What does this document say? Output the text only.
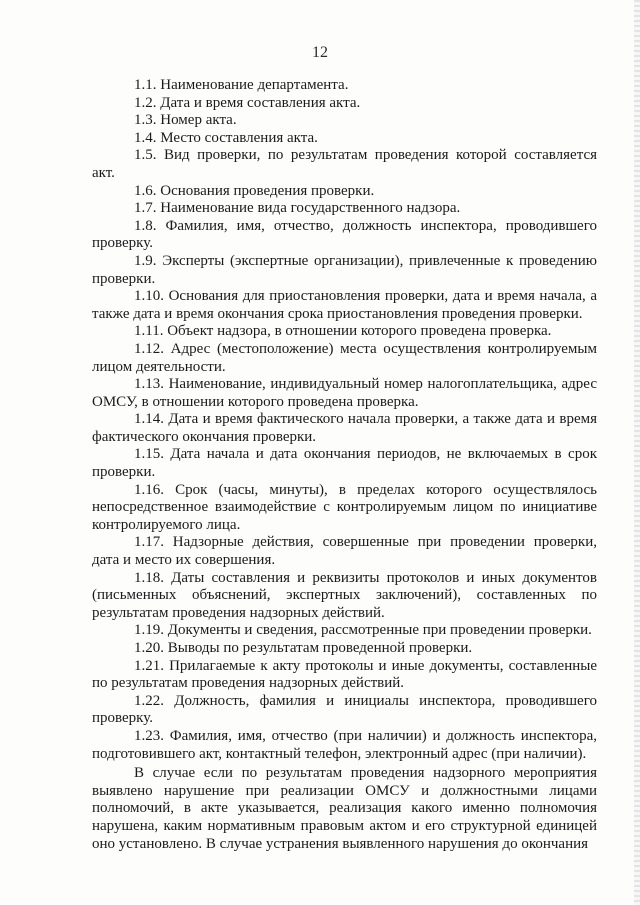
12

1.1. Наименование департамента.

1.2. Дата и время составления акта.

1.3. Номер акта.

1.4. Место составления акта.

1.5. Вид проверки, по результатам проведения которой составляется акт.

1.6. Основания проведения проверки.

1.7. Наименование вида государственного надзора.

1.8. Фамилия, имя, отчество, должность инспектора, проводившего проверку.

1.9. Эксперты (экспертные организации), привлеченные к проведению проверки.

1.10. Основания для приостановления проверки, дата и время начала, а также дата и время окончания срока приостановления проведения проверки.

1.11. Объект надзора, в отношении которого проведена проверка.

1.12. Адрес (местоположение) места осуществления контролируемым лицом деятельности.

1.13. Наименование, индивидуальный номер налогоплательщика, адрес ОМСУ, в отношении которого проведена проверка.

1.14. Дата и время фактического начала проверки, а также дата и время фактического окончания проверки.

1.15. Дата начала и дата окончания периодов, не включаемых в срок проверки.

1.16. Срок (часы, минуты), в пределах которого осуществлялось непосредственное взаимодействие с контролируемым лицом по инициативе контролируемого лица.

1.17. Надзорные действия, совершенные при проведении проверки, дата и место их совершения.

1.18. Даты составления и реквизиты протоколов и иных документов (письменных объяснений, экспертных заключений), составленных по результатам проведения надзорных действий.

1.19. Документы и сведения, рассмотренные при проведении проверки.

1.20. Выводы по результатам проведенной проверки.

1.21. Прилагаемые к акту протоколы и иные документы, составленные по результатам проведения надзорных действий.

1.22. Должность, фамилия и инициалы инспектора, проводившего проверку.

1.23. Фамилия, имя, отчество (при наличии) и должность инспектора, подготовившего акт, контактный телефон, электронный адрес (при наличии).

В случае если по результатам проведения надзорного мероприятия выявлено нарушение при реализации ОМСУ и должностными лицами полномочий, в акте указывается, реализация какого именно полномочия нарушена, каким нормативным правовым актом и его структурной единицей оно установлено. В случае устранения выявленного нарушения до окончания
